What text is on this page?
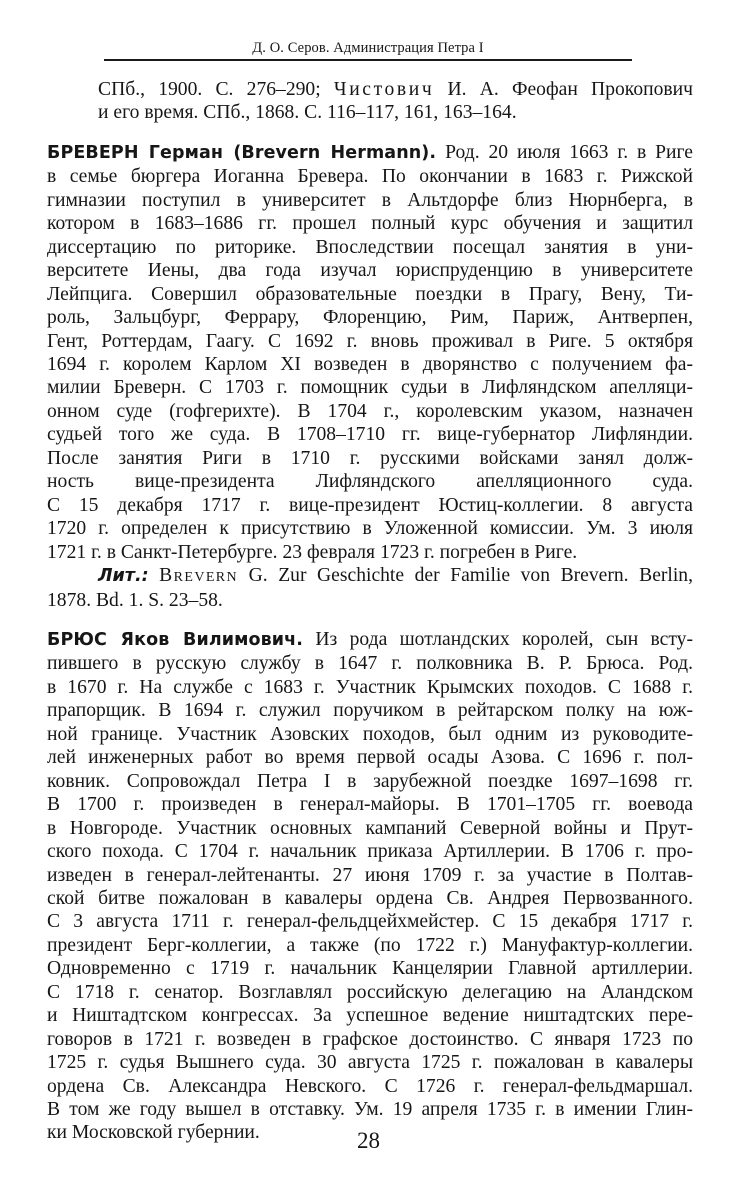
Д. О. Серов. Администрация Петра I
СПб., 1900. С. 276–290; Чистович И. А. Феофан Прокопович
и его время. СПб., 1868. С. 116–117, 161, 163–164.
БРЕВЕРН Герман (Brevern Hermann). Род. 20 июля 1663 г. в Риге
в семье бюргера Иоганна Бреверa. По окончании в 1683 г. Рижской
гимназии поступил в университет в Альтдорфе близ Нюрнберга, в
котором в 1683–1686 гг. прошел полный курс обучения и защитил
диссертацию по риторике. Впоследствии посещал занятия в уни-
верситете Иены, два года изучал юриспруденцию в университете
Лейпцига. Совершил образовательные поездки в Прагу, Вену, Ти-
роль, Зальцбург, Феррару, Флоренцию, Рим, Париж, Антверпен,
Гент, Роттердам, Гаагу. С 1692 г. вновь проживал в Риге. 5 октября
1694 г. королем Карлом XI возведен в дворянство с получением фа-
милии Бреверн. С 1703 г. помощник судьи в Лифляндском апелляци-
онном суде (гофгерихте). В 1704 г., королевским указом, назначен
судьей того же суда. В 1708–1710 гг. вице-губернатор Лифляндии.
После занятия Риги в 1710 г. русскими войсками занял долж-
ность вице-президента Лифляндского апелляционного суда.
С 15 декабря 1717 г. вице-президент Юстиц-коллегии. 8 августа
1720 г. определен к присутствию в Уложенной комиссии. Ум. 3 июля
1721 г. в Санкт-Петербурге. 23 февраля 1723 г. погребен в Риге.
Лит.: Brevern G. Zur Geschichte der Familie von Brevern. Berlin,
1878. Bd. 1. S. 23–58.
БРЮС Яков Вилимович. Из рода шотландских королей, сын всту-
пившего в русскую службу в 1647 г. полковника В. Р. Брюса. Род.
в 1670 г. На службе с 1683 г. Участник Крымских походов. С 1688 г.
прапорщик. В 1694 г. служил поручиком в рейтарском полку на юж-
ной границе. Участник Азовских походов, был одним из руководите-
лей инженерных работ во время первой осады Азова. С 1696 г. пол-
ковник. Сопровождал Петра I в зарубежной поездке 1697–1698 гг.
В 1700 г. произведен в генерал-майоры. В 1701–1705 гг. воевода
в Новгороде. Участник основных кампаний Северной войны и Прут-
ского похода. С 1704 г. начальник приказа Артиллерии. В 1706 г. про-
изведен в генерал-лейтенанты. 27 июня 1709 г. за участие в Полтав-
ской битве пожалован в кавалеры ордена Св. Андрея Первозванного.
С 3 августа 1711 г. генерал-фельдцейхмейстер. С 15 декабря 1717 г.
президент Берг-коллегии, а также (по 1722 г.) Мануфактур-коллегии.
Одновременно с 1719 г. начальник Канцелярии Главной артиллерии.
С 1718 г. сенатор. Возглавлял российскую делегацию на Аландском
и Ништадтском конгрессах. За успешное ведение ништадтских пере-
говоров в 1721 г. возведен в графское достоинство. С января 1723 по
1725 г. судья Вышнего суда. 30 августа 1725 г. пожалован в кавалеры
ордена Св. Александра Невского. С 1726 г. генерал-фельдмаршал.
В том же году вышел в отставку. Ум. 19 апреля 1735 г. в имении Глин-
ки Московской губернии.	28
